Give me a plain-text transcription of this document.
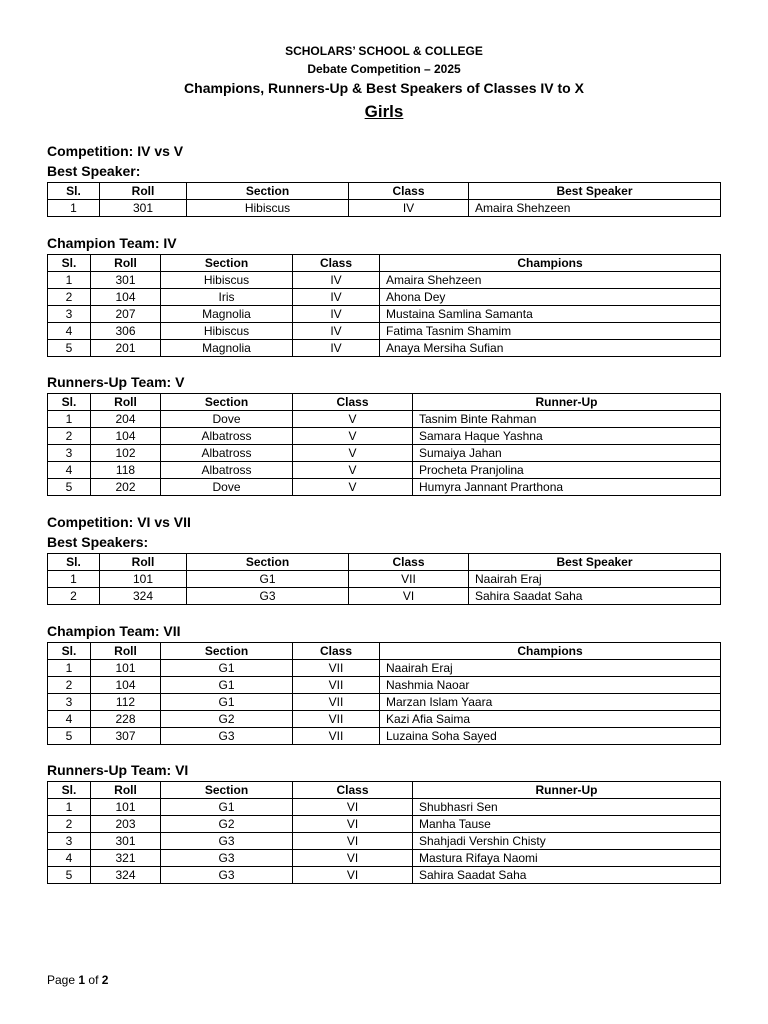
SCHOLARS’ SCHOOL & COLLEGE
Debate Competition – 2025
Champions, Runners-Up & Best Speakers of Classes IV to X
Girls
Competition: IV vs V
Best Speaker:
Sl.	Roll	Section	Class	Best Speaker
1	301	Hibiscus	IV	Amaira Shehzeen
Champion Team: IV
Sl.	Roll	Section	Class	Champions
1	301	Hibiscus	IV	Amaira Shehzeen
2	104	Iris	IV	Ahona Dey
3	207	Magnolia	IV	Mustaina Samlina Samanta
4	306	Hibiscus	IV	Fatima Tasnim Shamim
5	201	Magnolia	IV	Anaya Mersiha Sufian
Runners-Up Team: V
Sl.	Roll	Section	Class	Runner-Up
1	204	Dove	V	Tasnim Binte Rahman
2	104	Albatross	V	Samara Haque Yashna
3	102	Albatross	V	Sumaiya Jahan
4	118	Albatross	V	Procheta Pranjolina
5	202	Dove	V	Humyra Jannant Prarthona
Competition: VI vs VII
Best Speakers:
Sl.	Roll	Section	Class	Best Speaker
1	101	G1	VII	Naairah Eraj
2	324	G3	VI	Sahira Saadat Saha
Champion Team: VII
Sl.	Roll	Section	Class	Champions
1	101	G1	VII	Naairah Eraj
2	104	G1	VII	Nashmia Naoar
3	112	G1	VII	Marzan Islam Yaara
4	228	G2	VII	Kazi Afia Saima
5	307	G3	VII	Luzaina Soha Sayed
Runners-Up Team: VI
Sl.	Roll	Section	Class	Runner-Up
1	101	G1	VI	Shubhasri Sen
2	203	G2	VI	Manha Tause
3	301	G3	VI	Shahjadi Vershin Chisty
4	321	G3	VI	Mastura Rifaya Naomi
5	324	G3	VI	Sahira Saadat Saha
Page 1 of 2
